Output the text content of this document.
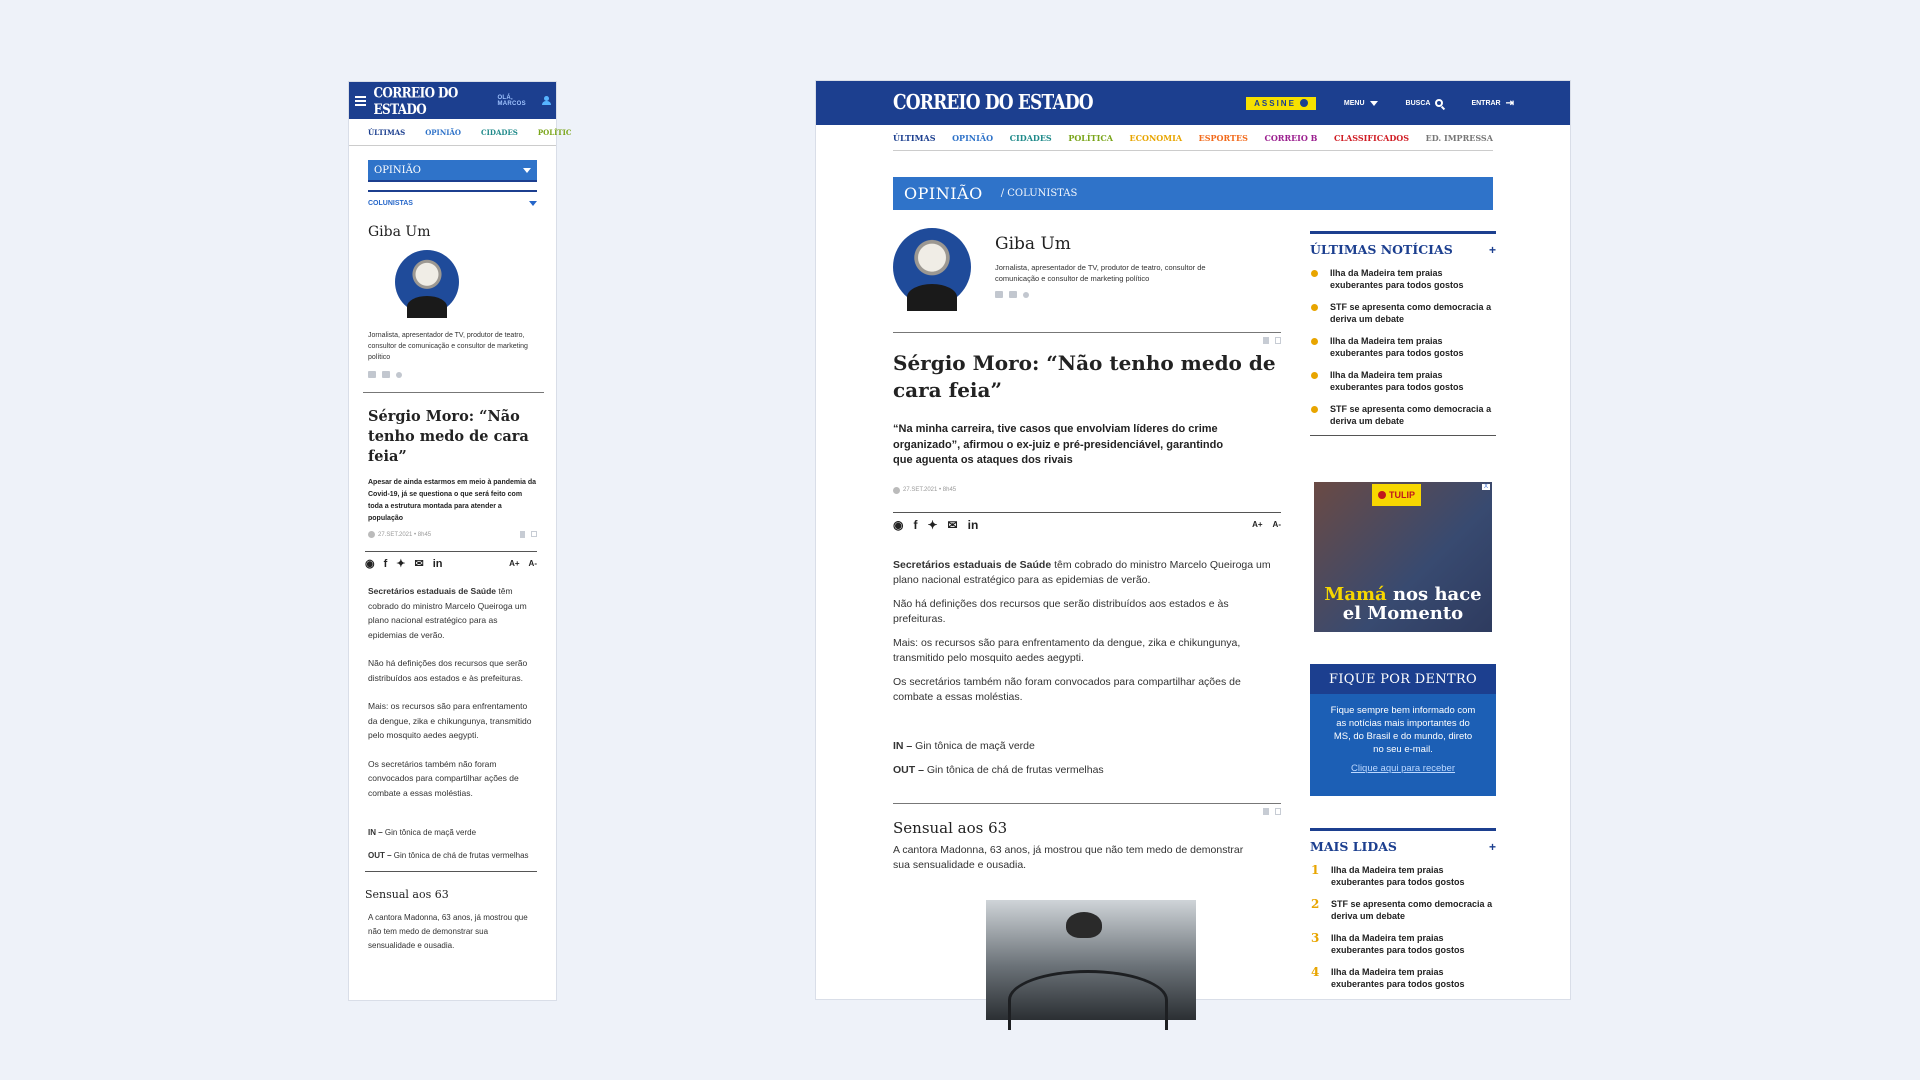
CORREIO DO ESTADO
OLÁ, MARCOS
ÚLTIMAS	OPINIÃO	CIDADES	POLÍTIC
OPINIÃO
COLUNISTAS
Giba Um
Jornalista, apresentador de TV, produtor de teatro, consultor de comunicação e consultor de marketing político
Sérgio Moro: “Não tenho medo de cara feia”

Apesar de ainda estarmos em meio à pandemia da Covid-19, já se questiona o que será feito com toda a estrutura montada para atender a população

27.SET.2021 • 8h45
◉ f ✦ ✉ in	A+ A-

Secretários estaduais de Saúde têm cobrado do ministro Marcelo Queiroga um plano nacional estratégico para as epidemias de verão.

Não há definições dos recursos que serão distribuídos aos estados e às prefeituras.

Mais: os recursos são para enfrentamento da dengue, zika e chikungunya, transmitido pelo mosquito aedes aegypti.

Os secretários também não foram convocados para compartilhar ações de combate a essas moléstias.

IN – Gin tônica de maçã verde

OUT – Gin tônica de chá de frutas vermelhas

Sensual aos 63

A cantora Madonna, 63 anos, já mostrou que não tem medo de demonstrar sua sensualidade e ousadia.

CORREIO DO ESTADO	ASSINE	MENU	BUSCA	ENTRAR ⇥
ÚLTIMAS OPINIÃO CIDADES POLÍTICA ECONOMIA ESPORTES CORREIO B CLASSIFICADOS ED. IMPRESSA
OPINIÃO / COLUNISTAS
Giba Um
Jornalista, apresentador de TV, produtor de teatro, consultor de comunicação e consultor de marketing político
Sérgio Moro: “Não tenho medo de cara feia”

“Na minha carreira, tive casos que envolviam líderes do crime organizado”, afirmou o ex-juiz e pré-presidenciável, garantindo que aguenta os ataques dos rivais

27.SET.2021 • 8h45
◉ f ✦ ✉ in	A+ A-

Secretários estaduais de Saúde têm cobrado do ministro Marcelo Queiroga um plano nacional estratégico para as epidemias de verão.

Não há definições dos recursos que serão distribuídos aos estados e às prefeituras.

Mais: os recursos são para enfrentamento da dengue, zika e chikungunya, transmitido pelo mosquito aedes aegypti.

Os secretários também não foram convocados para compartilhar ações de combate a essas moléstias.

IN – Gin tônica de maçã verde

OUT – Gin tônica de chá de frutas vermelhas

Sensual aos 63

A cantora Madonna, 63 anos, já mostrou que não tem medo de demonstrar sua sensualidade e ousadia.

ÚLTIMAS NOTÍCIAS	+
Ilha da Madeira tem praias exuberantes para todos gostos
STF se apresenta como democracia a deriva um debate
Ilha da Madeira tem praias exuberantes para todos gostos
Ilha da Madeira tem praias exuberantes para todos gostos
STF se apresenta como democracia a deriva um debate
TULIP
X
Mamá nos hace
el Momento
FIQUE POR DENTRO
Fique sempre bem informado com as notícias mais importantes do MS, do Brasil e do mundo, direto no seu e-mail.
Clique aqui para receber
MAIS LIDAS	+
1 Ilha da Madeira tem praias exuberantes para todos gostos
2 STF se apresenta como democracia a deriva um debate
3 Ilha da Madeira tem praias exuberantes para todos gostos
4 Ilha da Madeira tem praias exuberantes para todos gostos
